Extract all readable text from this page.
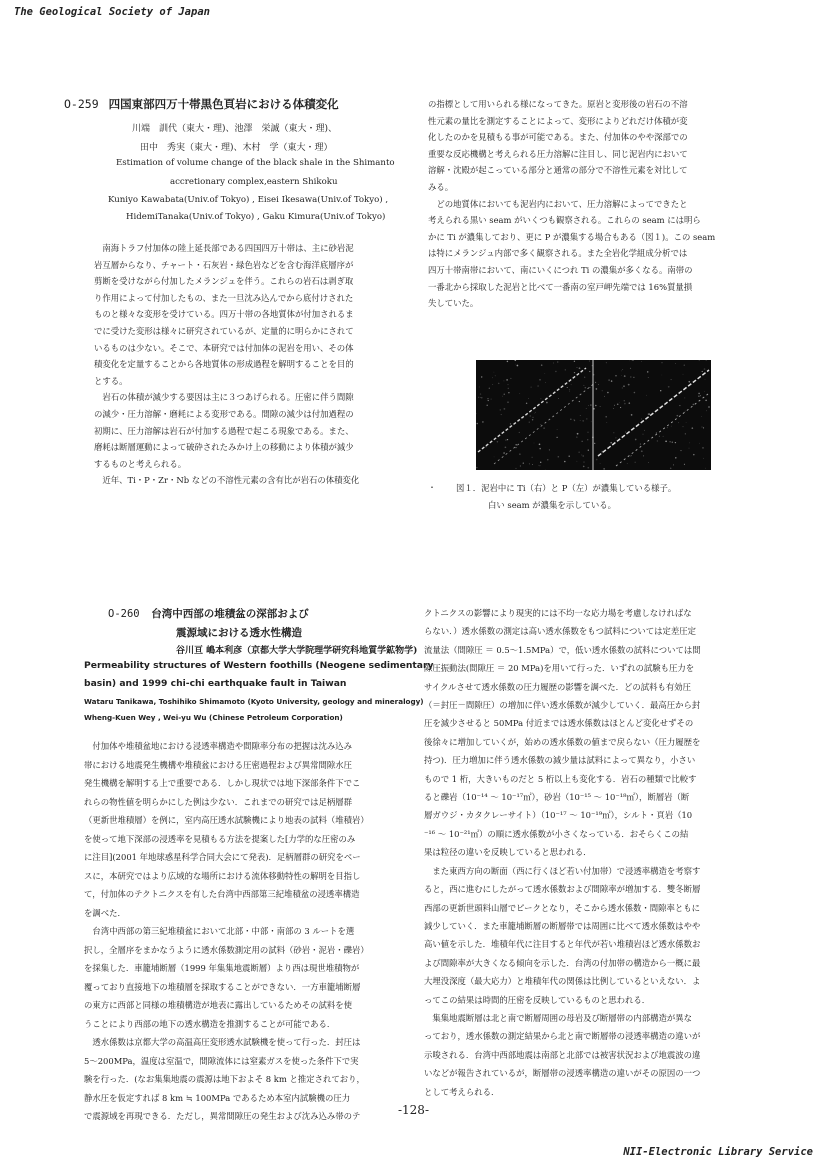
The Geological Society of Japan
O-259 四国東部四万十帯黒色頁岩における体積変化
川端　訓代（東大・理)、池澤　栄誠（東大・理)、
田中　秀実（東大・理)、木村　学（東大・理）
Estimation of volume change of the black shale in the Shimanto
accretionary complex,eastern Shikoku
Kuniyo Kawabata(Univ.of Tokyo) , Eisei Ikesawa(Univ.of Tokyo) ,
HidemiTanaka(Univ.of Tokyo) , Gaku Kimura(Univ.of Tokyo)

南海トラフ付加体の陸上延長部である四国四万十帯は、主に砂岩泥

岩互層からなり、チャート・石灰岩・緑色岩などを含む海洋底層序が

剪断を受けながら付加したメランジュを伴う。これらの岩石は剥ぎ取

り作用によって付加したもの、また一旦沈み込んでから底付けされた

ものと様々な変形を受けている。四万十帯の各地質体が付加されるま

でに受けた変形は様々に研究されているが、定量的に明らかにされて

いるものは少ない。そこで、本研究では付加体の泥岩を用い、その体

積変化を定量することから各地質体の形成過程を解明することを目的

とする。

岩石の体積が減少する要因は主に３つあげられる。圧密に伴う間隙

の減少・圧力溶解・磨耗による変形である。間隙の減少は付加過程の

初期に、圧力溶解は岩石が付加する過程で起こる現象である。また、

磨耗は断層運動によって破砕されたみかけ上の移動により体積が減少

するものと考えられる。

近年、Ti・P・Zr・Nb などの不溶性元素の含有比が岩石の体積変化

の指標として用いられる様になってきた。原岩と変形後の岩石の不溶

性元素の量比を測定することによって、変形によりどれだけ体積が変

化したのかを見積もる事が可能である。また、付加体のやや深部での

重要な反応機構と考えられる圧力溶解に注目し、同じ泥岩内において

溶解・沈殿が起こっている部分と通常の部分で不溶性元素を対比して

みる。

どの地質体においても泥岩内において、圧力溶解によってできたと

考えられる黒い seam がいくつも観察される。これらの seam には明ら

かに Ti が濃集しており、更に P が濃集する場合もある（図１)。この seam

は特にメランジュ内部で多く観察される。また全岩化学組成分析では

四万十帯南帯において、南にいくにつれ Ti の濃集が多くなる。南帯の

一番北から採取した泥岩と比べて一番南の室戸岬先端では 16%質量損

失していた。

・ 図１．泥岩中に Ti（右）と P（左）が濃集している様子。
白い seam が濃集を示している。
O-260 台湾中西部の堆積盆の深部および
震源域における透水性構造
谷川亘 嶋本利彦（京都大学大学院理学研究科地質学鉱物学)
Permeability structures of Western foothills (Neogene sedimentary
basin) and 1999 chi-chi earthquake fault in Taiwan
Wataru Tanikawa, Toshihiko Shimamoto (Kyoto University, geology and mineralogy)
Wheng-Kuen Wey , Wei-yu Wu (Chinese Petroleum Corporation)

付加体や堆積盆地における浸透率構造や間隙率分布の把握は沈み込み

帯における地震発生機構や堆積盆における圧密過程および異常間隙水圧

発生機構を解明する上で重要である．しかし現状では地下深部条件下でこ

れらの物性値を明らかにした例は少ない．これまでの研究では足柄層群

（更新世堆積層）を例に，室内高圧透水試験機により地表の試料（堆積岩）

を使って地下深部の浸透率を見積もる方法を提案した[力学的な圧密のみ

に注目](2001 年地球惑星科学合同大会にて発表)．足柄層群の研究をベー

スに，本研究ではより広域的な場所における流体移動特性の解明を目指し

て，付加体のテクトニクスを有した台湾中西部第三紀堆積盆の浸透率構造

を調べた．

台湾中西部の第三紀堆積盆において北部・中部・南部の 3 ルートを選

択し，全層序をまかなうように透水係数測定用の試料（砂岩・泥岩・礫岩）

を採集した．車籠埔断層（1999 年集集地震断層）より西は現世堆積物が

覆っており直接地下の堆積層を採取することができない．一方車籠埔断層

の東方に西部と同様の堆積構造が地表に露出しているためその試料を使

うことにより西部の地下の透水構造を推測することが可能である．

透水係数は京都大学の高温高圧変形透水試験機を使って行った．封圧は

5～200MPa，温度は室温で，間隙流体には窒素ガスを使った条件下で実

験を行った．(なお集集地震の震源は地下およそ 8 km と推定されており，

静水圧を仮定すれば 8 km ≒ 100MPa であるため本室内試験機の圧力

で震源域を再現できる．ただし，異常間隙圧の発生および沈み込み帯のテ

クトニクスの影響により現実的には不均一な応力場を考慮しなければな

らない．）透水係数の測定は高い透水係数をもつ試料については定差圧定

流量法（間隙圧 ＝ 0.5～1.5MPa）で，低い透水係数の試料については間

隙圧振動法(間隙圧 ＝ 20 MPa)を用いて行った．いずれの試験も圧力を

サイクルさせて透水係数の圧力履歴の影響を調べた．どの試料も有効圧

（＝封圧－間隙圧）の増加に伴い透水係数が減少していく．最高圧から封

圧を減少させると 50MPa 付近までは透水係数はほとんど変化せずその

後徐々に増加していくが，始めの透水係数の値まで戻らない（圧力履歴を

持つ)．圧力増加に伴う透水係数の減少量は試料によって異なり，小さい

もので 1 桁，大きいものだと 5 桁以上も変化する．岩石の種類で比較す

ると礫岩（10⁻¹⁴ ～ 10⁻¹⁷㎡），砂岩（10⁻¹⁵ ～ 10⁻¹⁸㎡），断層岩（断

層ガウジ・カタクレーサイト）（10⁻¹⁷ ～ 10⁻¹⁹㎡），シルト・頁岩（10

⁻¹⁶ ～ 10⁻²¹㎡）の順に透水係数が小さくなっている．おそらくこの結

果は粒径の違いを反映していると思われる．

また東西方向の断面（西に行くほど若い付加帯）で浸透率構造を考察す

ると，西に進むにしたがって透水係数および間隙率が増加する．雙冬断層

西部の更新世頭料山層でピークとなり，そこから透水係数・間隙率ともに

減少していく．また車籠埔断層の断層帯では周囲に比べて透水係数はやや

高い値を示した．堆積年代に注目すると年代が若い堆積岩ほど透水係数お

よび間隙率が大きくなる傾向を示した．台湾の付加帯の構造から一概に最

大埋没深度（最大応力）と堆積年代の関係は比例しているといえない．よ

ってこの結果は時間的圧密を反映しているものと思われる．

集集地震断層は北と南で断層周囲の母岩及び断層帯の内部構造が異な

っており，透水係数の測定結果から北と南で断層帯の浸透率構造の違いが

示唆される．台湾中西部地震は南部と北部では被害状況および地震波の違

いなどが報告されているが，断層帯の浸透率構造の違いがその原因の一つ

として考えられる．

-128-
NII-Electronic Library Service
